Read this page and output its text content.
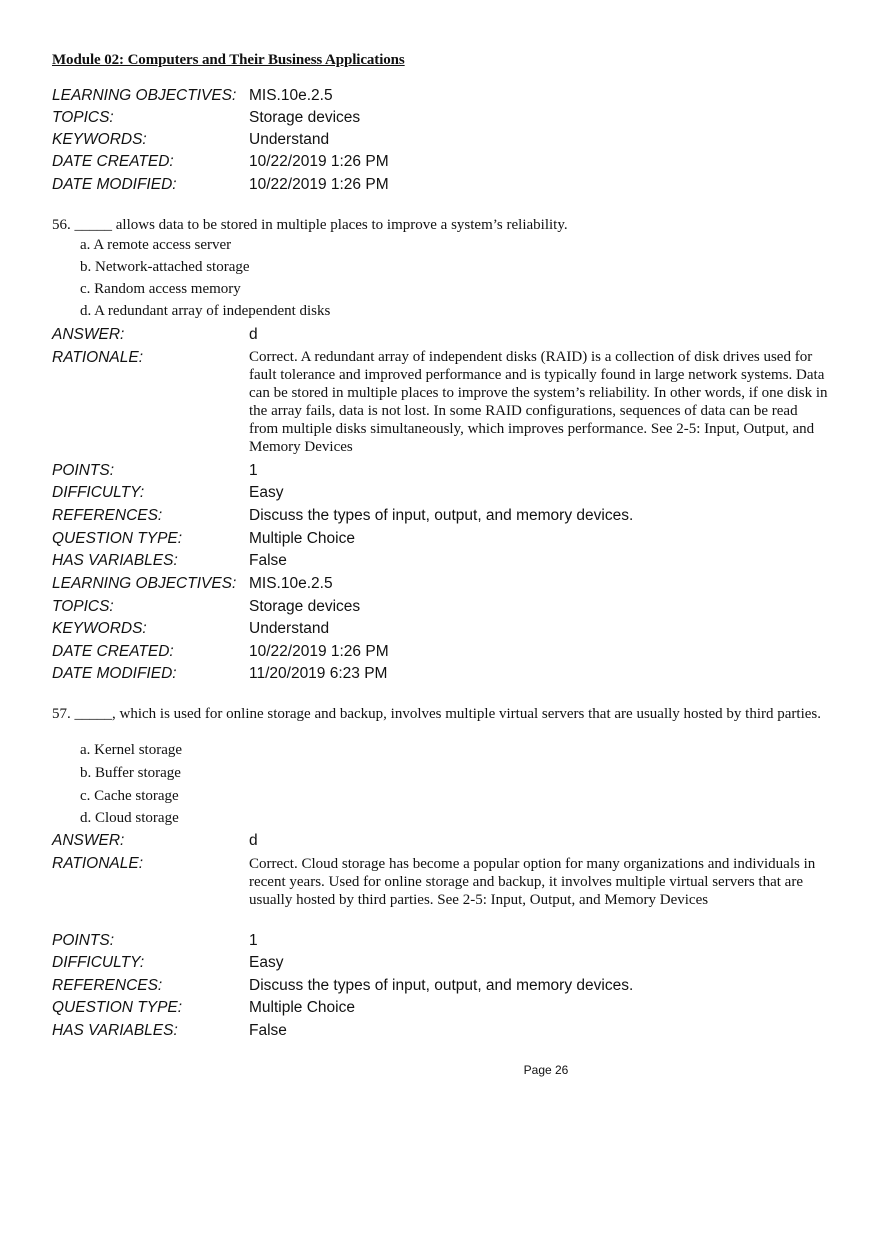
Module 02: Computers and Their Business Applications
LEARNING OBJECTIVES: MIS.10e.2.5
TOPICS:	Storage devices
KEYWORDS:	Understand
DATE CREATED:	10/22/2019 1:26 PM
DATE MODIFIED:	10/22/2019 1:26 PM
56. _____ allows data to be stored in multiple places to improve a system’s reliability.
a. A remote access server
b. Network-attached storage
c. Random access memory
d. A redundant array of independent disks
ANSWER:	d
RATIONALE:	Correct. A redundant array of independent disks (RAID) is a collection of disk drives used for fault tolerance and improved performance and is typically found in large network systems. Data can be stored in multiple places to improve the system’s reliability. In other words, if one disk in the array fails, data is not lost. In some RAID configurations, sequences of data can be read from multiple disks simultaneously, which improves performance. See 2-5: Input, Output, and Memory Devices
POINTS:	1
DIFFICULTY:	Easy
REFERENCES:	Discuss the types of input, output, and memory devices.
QUESTION TYPE:	Multiple Choice
HAS VARIABLES:	False
LEARNING OBJECTIVES: MIS.10e.2.5
TOPICS:	Storage devices
KEYWORDS:	Understand
DATE CREATED:	10/22/2019 1:26 PM
DATE MODIFIED:	11/20/2019 6:23 PM
57. _____, which is used for online storage and backup, involves multiple virtual servers that are usually hosted by third parties.
a. Kernel storage
b. Buffer storage
c. Cache storage
d. Cloud storage
ANSWER:	d
RATIONALE:	Correct. Cloud storage has become a popular option for many organizations and individuals in recent years. Used for online storage and backup, it involves multiple virtual servers that are usually hosted by third parties. See 2-5: Input, Output, and Memory Devices
POINTS:	1
DIFFICULTY:	Easy
REFERENCES:	Discuss the types of input, output, and memory devices.
QUESTION TYPE:	Multiple Choice
HAS VARIABLES:	False
Page 26
